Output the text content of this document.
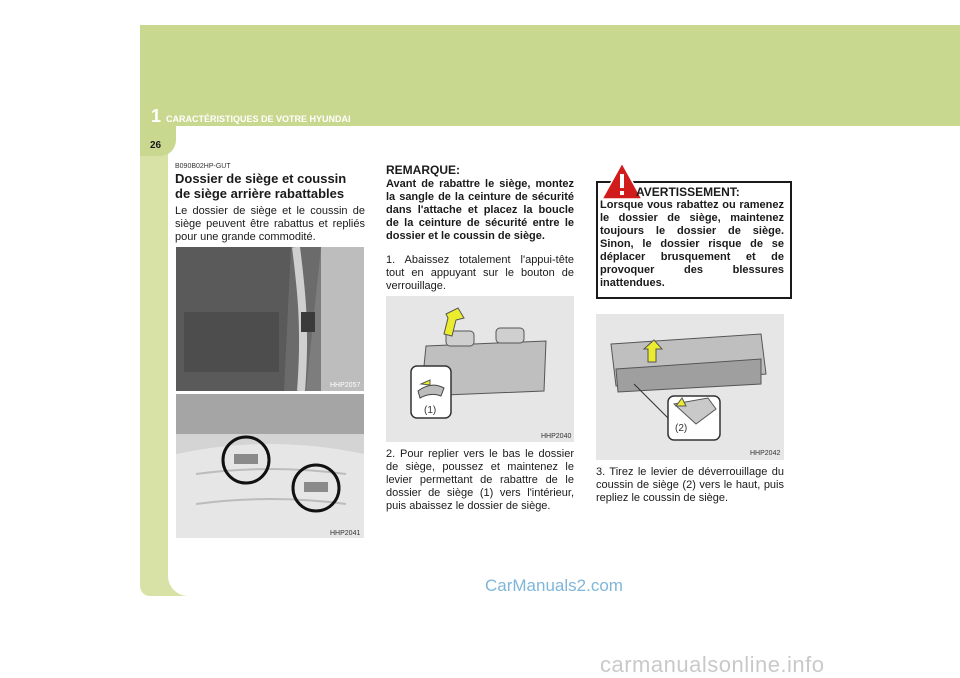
1 CARACTÉRISTIQUES DE VOTRE HYUNDAI
26
B090B02HP-GUT
Dossier de siège et coussin de siège arrière rabattables
Le dossier de siège et le coussin de siège peuvent être rabattus et repliés pour une grande commodité.
HHP2057
HHP2041
REMARQUE:
Avant de rabattre le siège, montez la sangle de la ceinture de sécurité dans l'attache et placez la boucle de la ceinture de sécurité entre le dossier et le coussin de siège.
1. Abaissez totalement l'appui-tête tout en appuyant sur le bouton de verrouillage.
(1)
HHP2040
2. Pour replier vers le bas le dossier de siège, poussez et maintenez le levier permettant de rabattre de le dossier de siège (1) vers l'intérieur, puis abaissez le dossier de siège.
AVERTISSEMENT:
Lorsque vous rabattez ou ramenez le dossier de siège, maintenez toujours le dossier de siège. Sinon, le dossier risque de se déplacer brusquement et de provoquer des blessures inattendues.
(2)
HHP2042
3. Tirez le levier de déverrouillage du coussin de siège (2) vers le haut, puis repliez le coussin de siège.
CarManuals2.com
carmanualsonline.info
